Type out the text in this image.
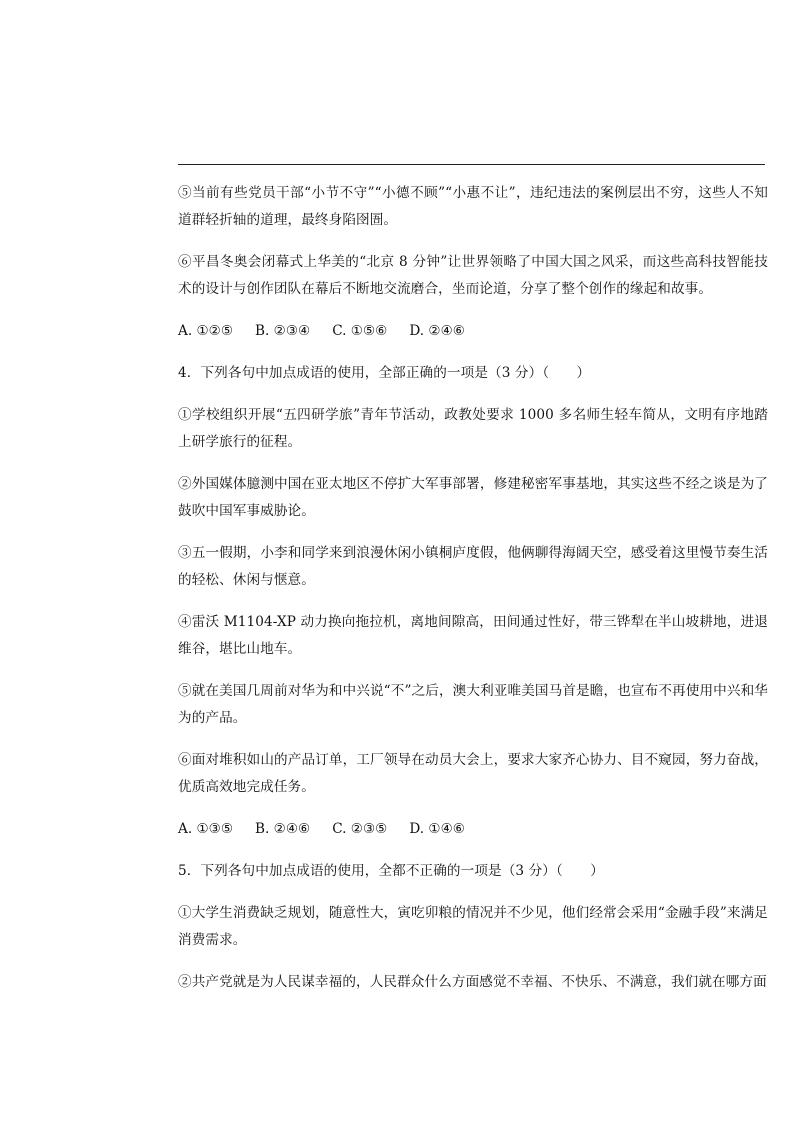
⑤当前有些党员干部“小节不守”“小德不顾”“小惠不让”，违纪违法的案例层出不穷，这些人不知道群轻折轴的道理，最终身陷囹圄。

⑥平昌冬奥会闭幕式上华美的“北京 8 分钟”让世界领略了中国大国之风采，而这些高科技智能技术的设计与创作团队在幕后不断地交流磨合，坐而论道，分享了整个创作的缘起和故事。

A. ①②⑤ B. ②③④ C. ①⑤⑥ D. ②④⑥

4．下列各句中加点成语的使用，全部正确的一项是（3 分）（　　）

①学校组织开展“五四研学旅”青年节活动，政教处要求 1000 多名师生轻车简从，文明有序地踏上研学旅行的征程。

②外国媒体臆测中国在亚太地区不停扩大军事部署，修建秘密军事基地，其实这些不经之谈是为了鼓吹中国军事威胁论。

③五一假期，小李和同学来到浪漫休闲小镇桐庐度假，他俩聊得海阔天空，感受着这里慢节奏生活的轻松、休闲与惬意。

④雷沃 M1104-XP 动力换向拖拉机，离地间隙高，田间通过性好，带三铧犁在半山坡耕地，进退维谷，堪比山地车。

⑤就在美国几周前对华为和中兴说“不”之后，澳大利亚唯美国马首是瞻，也宣布不再使用中兴和华为的产品。

⑥面对堆积如山的产品订单，工厂领导在动员大会上，要求大家齐心协力、目不窥园，努力奋战，优质高效地完成任务。

A. ①③⑤ B. ②④⑥ C. ②③⑤ D. ①④⑥

5．下列各句中加点成语的使用，全都不正确的一项是（3 分）（　　）

①大学生消费缺乏规划，随意性大，寅吃卯粮的情况并不少见，他们经常会采用“金融手段”来满足消费需求。

②共产党就是为人民谋幸福的，人民群众什么方面感觉不幸福、不快乐、不满意，我们就在哪方面
